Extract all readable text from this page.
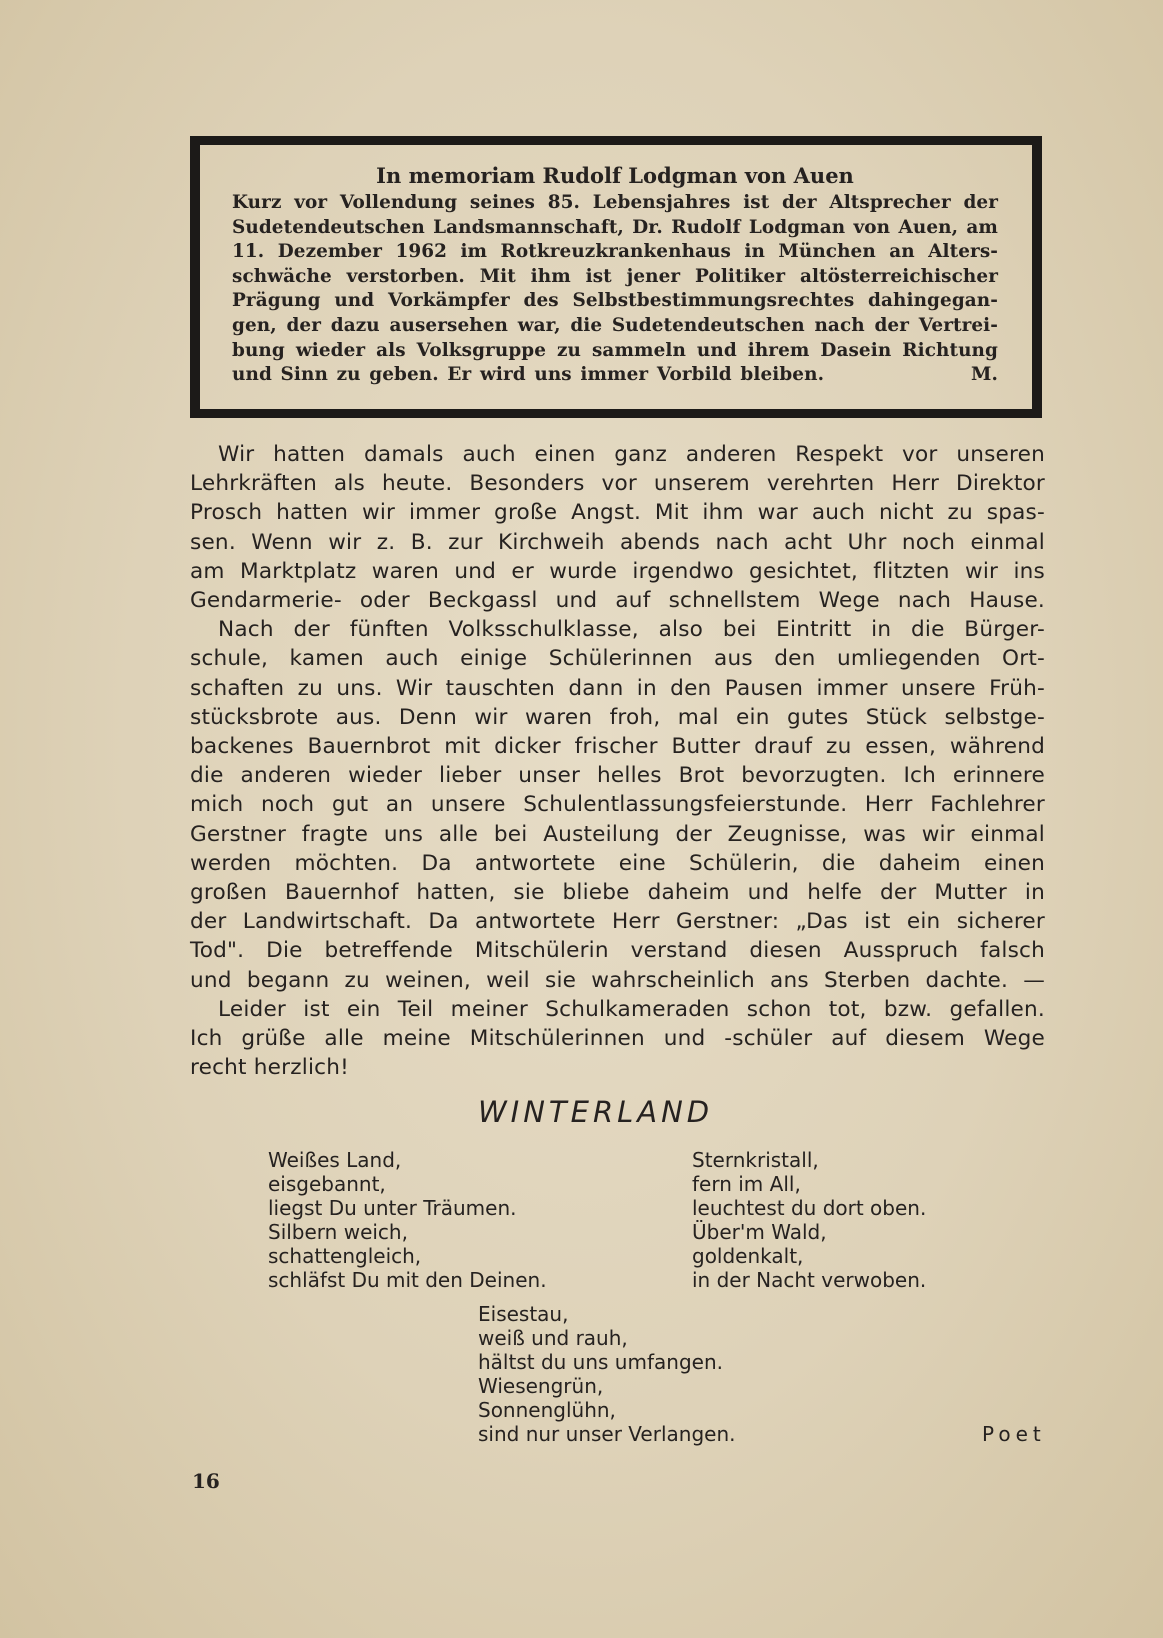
In memoriam Rudolf Lodgman von Auen
Kurz vor Vollendung seines 85. Lebensjahres ist der Altsprecher der
Sudetendeutschen Landsmannschaft, Dr. Rudolf Lodgman von Auen, am
11. Dezember 1962 im Rotkreuzkrankenhaus in München an Alters-
schwäche verstorben. Mit ihm ist jener Politiker altösterreichischer
Prägung und Vorkämpfer des Selbstbestimmungsrechtes dahingegan-
gen, der dazu ausersehen war, die Sudetendeutschen nach der Vertrei-
bung wieder als Volksgruppe zu sammeln und ihrem Dasein Richtung
und Sinn zu geben. Er wird uns immer Vorbild bleiben.                 M.
Wir hatten damals auch einen ganz anderen Respekt vor unseren
Lehrkräften als heute. Besonders vor unserem verehrten Herr Direktor
Prosch hatten wir immer große Angst. Mit ihm war auch nicht zu spas-
sen. Wenn wir z. B. zur Kirchweih abends nach acht Uhr noch einmal
am Marktplatz waren und er wurde irgendwo gesichtet, flitzten wir ins
Gendarmerie- oder Beckgassl und auf schnellstem Wege nach Hause.
Nach der fünften Volksschulklasse, also bei Eintritt in die Bürger-
schule, kamen auch einige Schülerinnen aus den umliegenden Ort-
schaften zu uns. Wir tauschten dann in den Pausen immer unsere Früh-
stücksbrote aus. Denn wir waren froh, mal ein gutes Stück selbstge-
backenes Bauernbrot mit dicker frischer Butter drauf zu essen, während
die anderen wieder lieber unser helles Brot bevorzugten. Ich erinnere
mich noch gut an unsere Schulentlassungsfeierstunde. Herr Fachlehrer
Gerstner fragte uns alle bei Austeilung der Zeugnisse, was wir einmal
werden möchten. Da antwortete eine Schülerin, die daheim einen
großen Bauernhof hatten, sie bliebe daheim und helfe der Mutter in
der Landwirtschaft. Da antwortete Herr Gerstner: „Das ist ein sicherer
Tod". Die betreffende Mitschülerin verstand diesen Ausspruch falsch
und begann zu weinen, weil sie wahrscheinlich ans Sterben dachte. —
Leider ist ein Teil meiner Schulkameraden schon tot, bzw. gefallen.
Ich grüße alle meine Mitschülerinnen und -schüler auf diesem Wege
recht herzlich!
WINTERLAND
Weißes Land,
eisgebannt,
liegst Du unter Träumen.
Silbern weich,
schattengleich,
schläfst Du mit den Deinen.
Sternkristall,
fern im All,
leuchtest du dort oben.
Über'm Wald,
goldenkalt,
in der Nacht verwoben.
Eisestau,
weiß und rauh,
hältst du uns umfangen.
Wiesengrün,
Sonnenglühn,
sind nur unser Verlangen.	Poet
16
